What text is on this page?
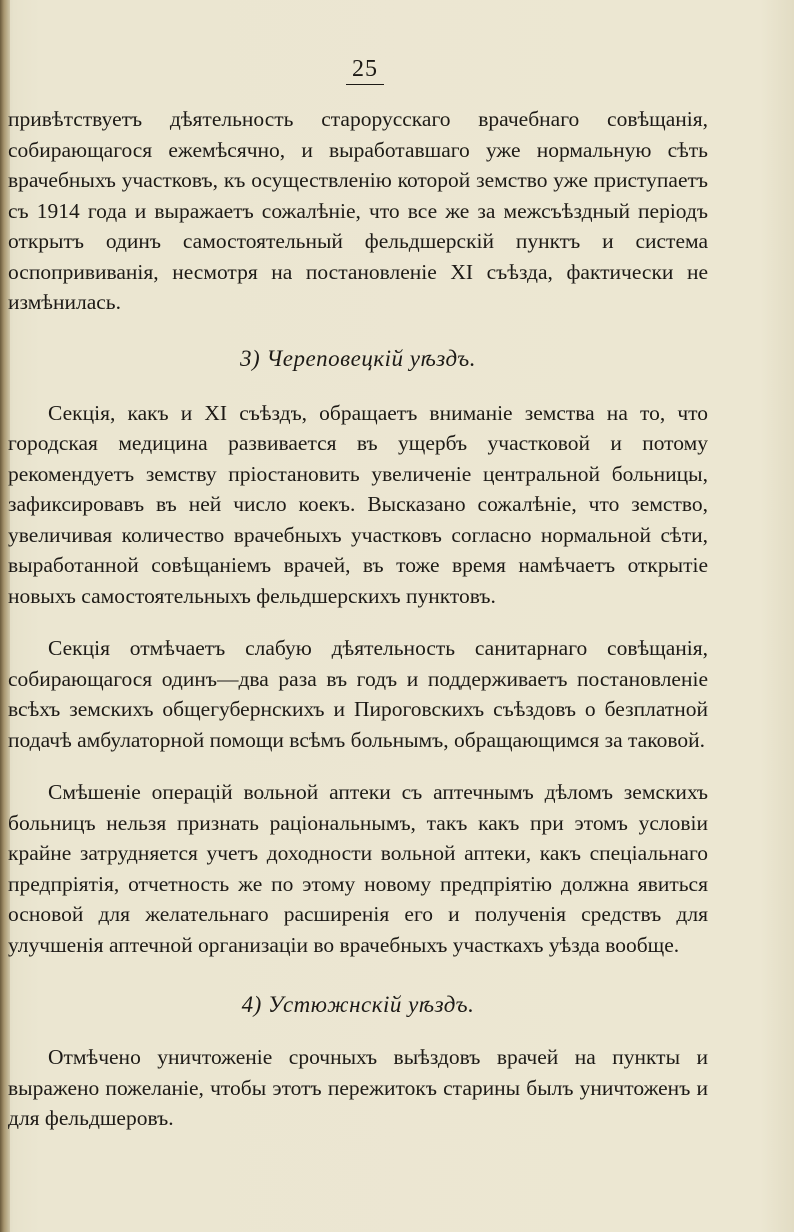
25

привѣтствуетъ дѣятельность старорусскаго врачебнаго совѣщанія, собирающагося ежемѣсячно, и выработавшаго уже нормальную сѣть врачебныхъ участковъ, къ осуществленію которой земство уже приступаетъ съ 1914 года и выражаетъ сожалѣніе, что все же за межсъѣздный періодъ открытъ одинъ самостоятельный фельдшерскій пунктъ и система оспопрививанія, несмотря на постановленіе XI съѣзда, фактически не измѣнилась.

3) Череповецкій уѣздъ.

Секція, какъ и XI съѣздъ, обращаетъ вниманіе земства на то, что городская медицина развивается въ ущербъ участковой и потому рекомендуетъ земству пріостановить увеличеніе центральной больницы, зафиксировавъ въ ней число коекъ. Высказано сожалѣніе, что земство, увеличивая количество врачебныхъ участковъ согласно нормальной сѣти, выработанной совѣщаніемъ врачей, въ тоже время намѣчаетъ открытіе новыхъ самостоятельныхъ фельдшерскихъ пунктовъ.

Секція отмѣчаетъ слабую дѣятельность санитарнаго совѣщанія, собирающагося одинъ—два раза въ годъ и поддерживаетъ постановленіе всѣхъ земскихъ общегубернскихъ и Пироговскихъ съѣздовъ о безплатной подачѣ амбулаторной помощи всѣмъ больнымъ, обращающимся за таковой.

Смѣшеніе операцій вольной аптеки съ аптечнымъ дѣломъ земскихъ больницъ нельзя признать раціональнымъ, такъ какъ при этомъ условіи крайне затрудняется учетъ доходности вольной аптеки, какъ спеціальнаго предпріятія, отчетность же по этому новому предпріятію должна явиться основой для желательнаго расширенія его и полученія средствъ для улучшенія аптечной организаціи во врачебныхъ участкахъ уѣзда вообще.

4) Устюжнскій уѣздъ.

Отмѣчено уничтоженіе срочныхъ выѣздовъ врачей на пункты и выражено пожеланіе, чтобы этотъ пережитокъ старины былъ уничтоженъ и для фельдшеровъ.
